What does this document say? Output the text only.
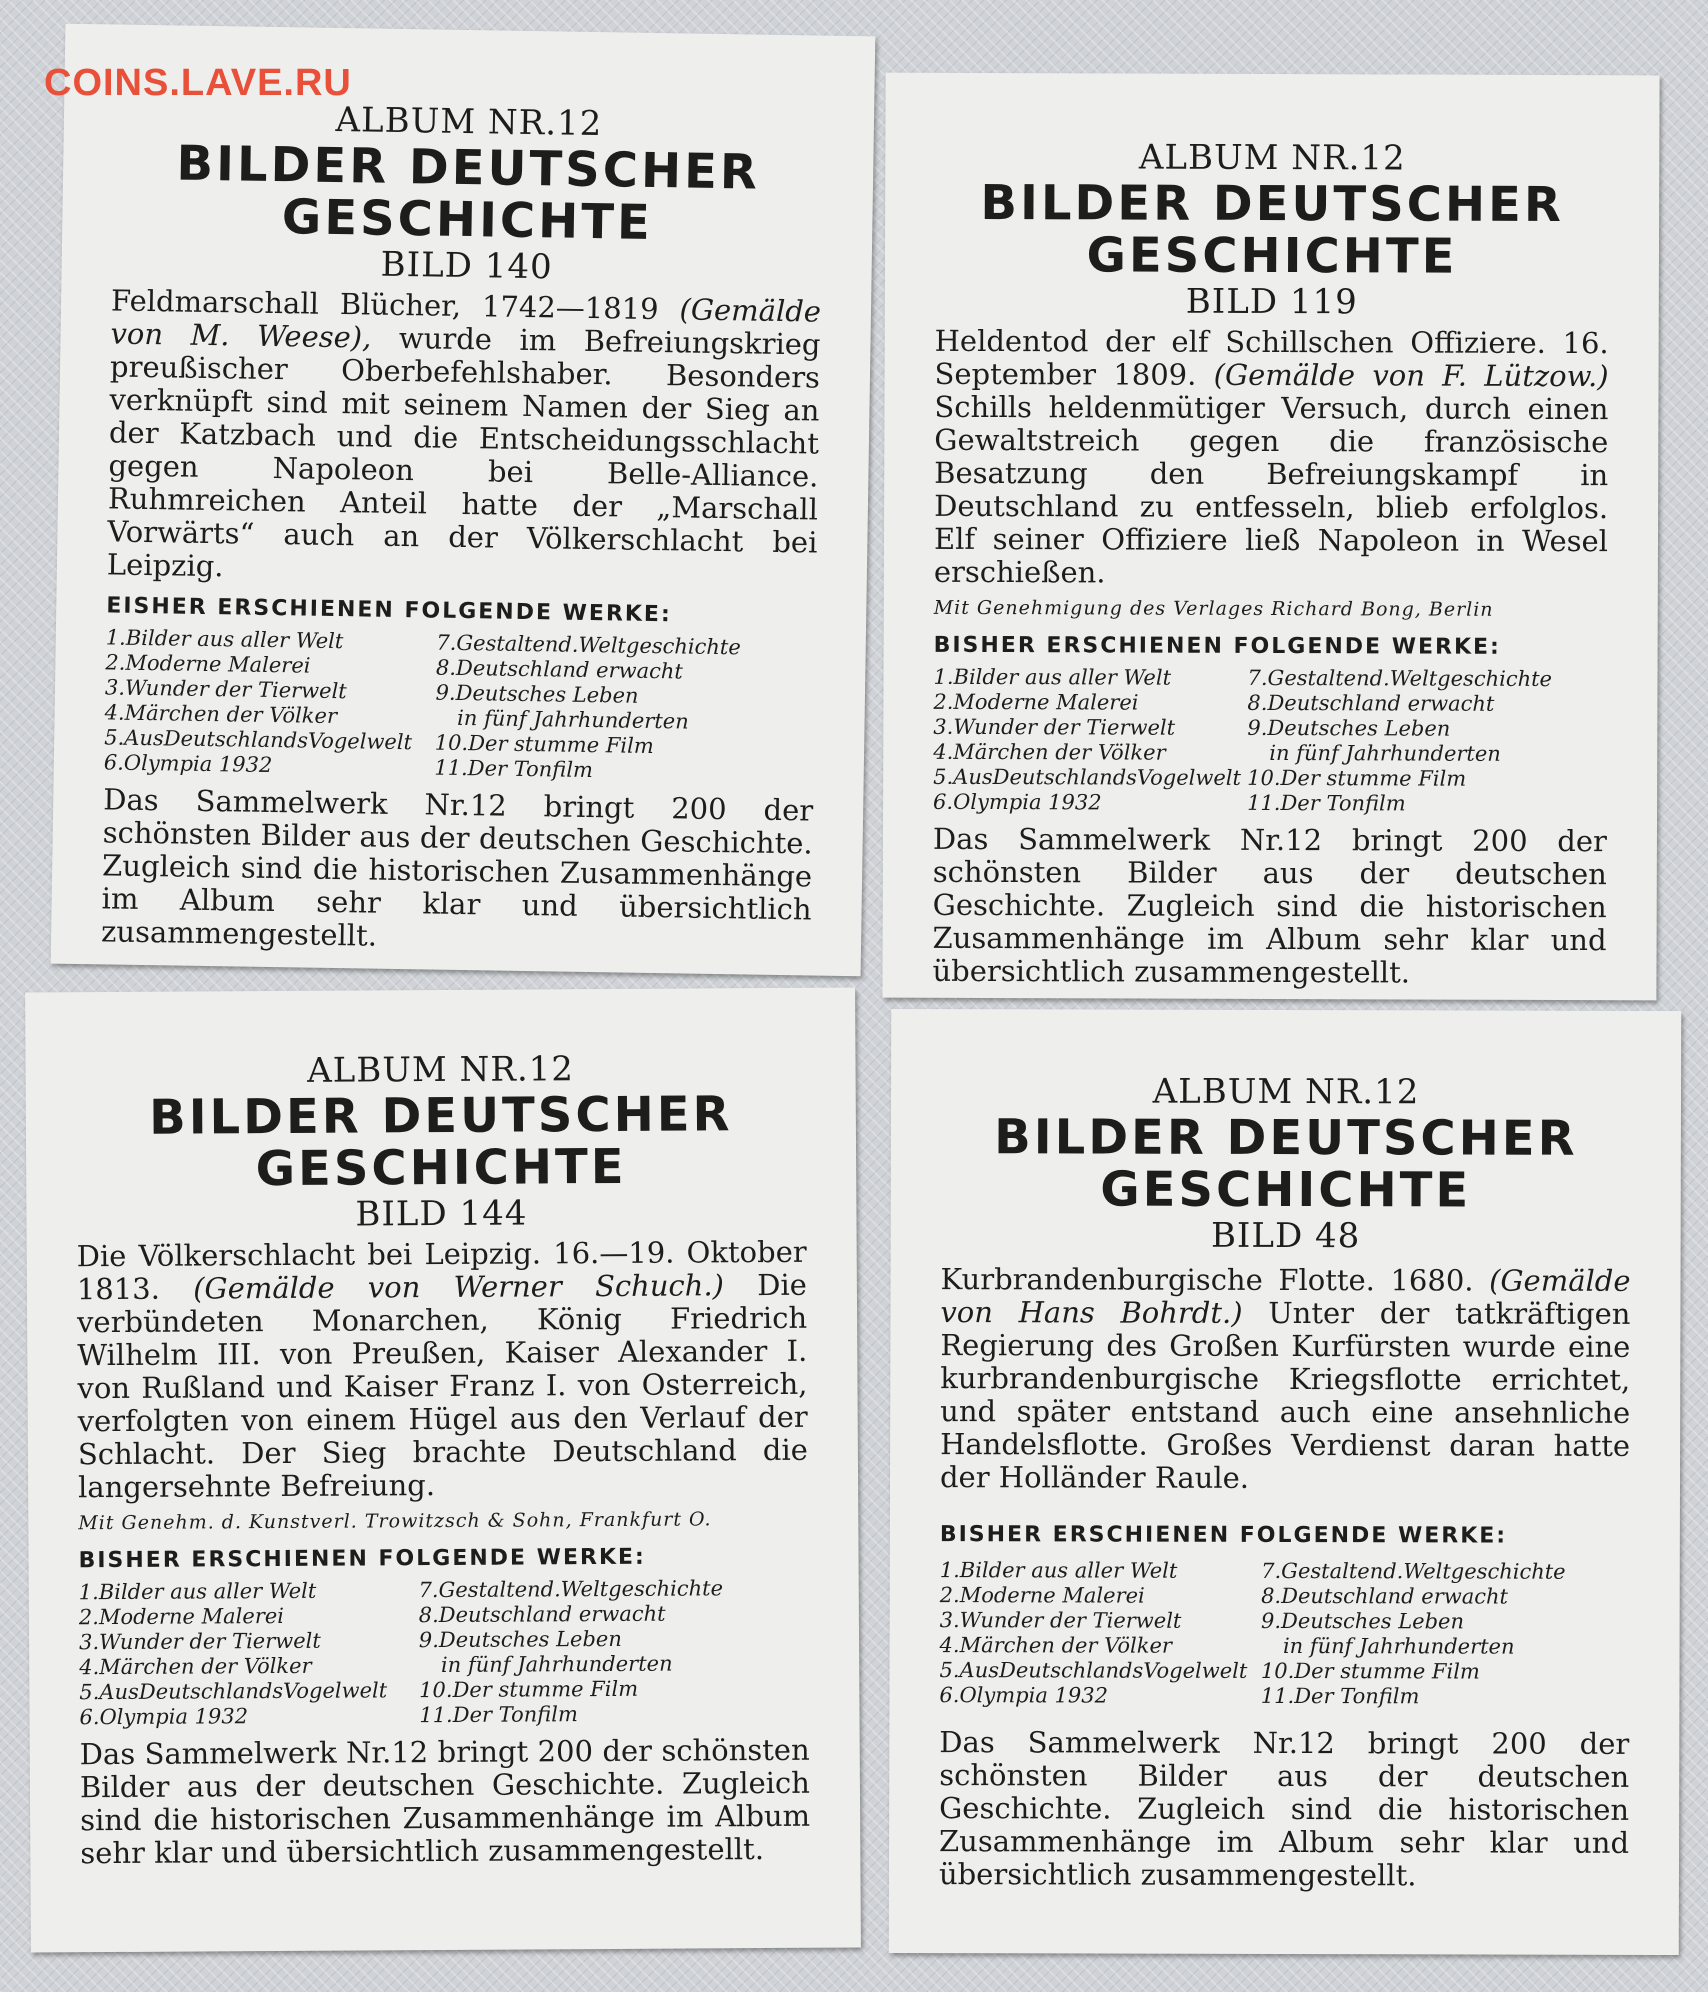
COINS.LAVE.RU
ALBUM NR.12
BILDER DEUTSCHER
GESCHICHTE
BILD 140
Feldmarschall Blücher, 1742—1819 (Gemälde von M. Weese), wurde im Befreiungskrieg preußischer Oberbefehlshaber. Besonders verknüpft sind mit seinem Namen der Sieg an der Katzbach und die Entscheidungsschlacht gegen Napoleon bei Belle-Alliance. Ruhmreichen Anteil hatte der „Marschall Vorwärts“ auch an der Völkerschlacht bei Leipzig.
EISHER ERSCHIENEN FOLGENDE WERKE:
1.Bilder aus aller Welt
2.Moderne Malerei
3.Wunder der Tierwelt
4.Märchen der Völker
5.AusDeutschlandsVogelwelt
6.Olympia 1932
7.Gestaltend.Weltgeschichte
8.Deutschland erwacht
9.Deutsches Leben
in fünf Jahrhunderten
10.Der stumme Film
11.Der Tonfilm
Das Sammelwerk Nr.12 bringt 200 der schönsten Bilder aus der deutschen Geschichte. Zugleich sind die historischen Zusammenhänge im Album sehr klar und übersichtlich zusammengestellt.
ALBUM NR.12
BILDER DEUTSCHER
GESCHICHTE
BILD 119
Heldentod der elf Schillschen Offiziere. 16. September 1809. (Gemälde von F. Lützow.) Schills heldenmütiger Versuch, durch einen Gewaltstreich gegen die französische Besatzung den Befreiungskampf in Deutschland zu entfesseln, blieb erfolglos. Elf seiner Offiziere ließ Napoleon in Wesel erschießen.
Mit Genehmigung des Verlages Richard Bong, Berlin
BISHER ERSCHIENEN FOLGENDE WERKE:
1.Bilder aus aller Welt
2.Moderne Malerei
3.Wunder der Tierwelt
4.Märchen der Völker
5.AusDeutschlandsVogelwelt
6.Olympia 1932
7.Gestaltend.Weltgeschichte
8.Deutschland erwacht
9.Deutsches Leben
in fünf Jahrhunderten
10.Der stumme Film
11.Der Tonfilm
Das Sammelwerk Nr.12 bringt 200 der schönsten Bilder aus der deutschen Geschichte. Zugleich sind die historischen Zusammenhänge im Album sehr klar und übersichtlich zusammengestellt.
ALBUM NR.12
BILDER DEUTSCHER
GESCHICHTE
BILD 144
Die Völkerschlacht bei Leipzig. 16.—19. Oktober 1813. (Gemälde von Werner Schuch.) Die verbündeten Monarchen, König Friedrich Wilhelm III. von Preußen, Kaiser Alexander I. von Rußland und Kaiser Franz I. von Osterreich, verfolgten von einem Hügel aus den Verlauf der Schlacht. Der Sieg brachte Deutschland die langersehnte Befreiung.
Mit Genehm. d. Kunstverl. Trowitzsch & Sohn, Frankfurt O.
BISHER ERSCHIENEN FOLGENDE WERKE:
1.Bilder aus aller Welt
2.Moderne Malerei
3.Wunder der Tierwelt
4.Märchen der Völker
5.AusDeutschlandsVogelwelt
6.Olympia 1932
7.Gestaltend.Weltgeschichte
8.Deutschland erwacht
9.Deutsches Leben
in fünf Jahrhunderten
10.Der stumme Film
11.Der Tonfilm
Das Sammelwerk Nr.12 bringt 200 der schönsten Bilder aus der deutschen Geschichte. Zugleich sind die historischen Zusammenhänge im Album sehr klar und übersichtlich zusammengestellt.
ALBUM NR.12
BILDER DEUTSCHER
GESCHICHTE
BILD 48
Kurbrandenburgische Flotte. 1680. (Gemälde von Hans Bohrdt.) Unter der tatkräftigen Regierung des Großen Kurfürsten wurde eine kurbrandenburgische Kriegsflotte errichtet, und später entstand auch eine ansehnliche Handelsflotte. Großes Verdienst daran hatte der Holländer Raule.
BISHER ERSCHIENEN FOLGENDE WERKE:
1.Bilder aus aller Welt
2.Moderne Malerei
3.Wunder der Tierwelt
4.Märchen der Völker
5.AusDeutschlandsVogelwelt
6.Olympia 1932
7.Gestaltend.Weltgeschichte
8.Deutschland erwacht
9.Deutsches Leben
in fünf Jahrhunderten
10.Der stumme Film
11.Der Tonfilm
Das Sammelwerk Nr.12 bringt 200 der schönsten Bilder aus der deutschen Geschichte. Zugleich sind die historischen Zusammenhänge im Album sehr klar und übersichtlich zusammengestellt.
